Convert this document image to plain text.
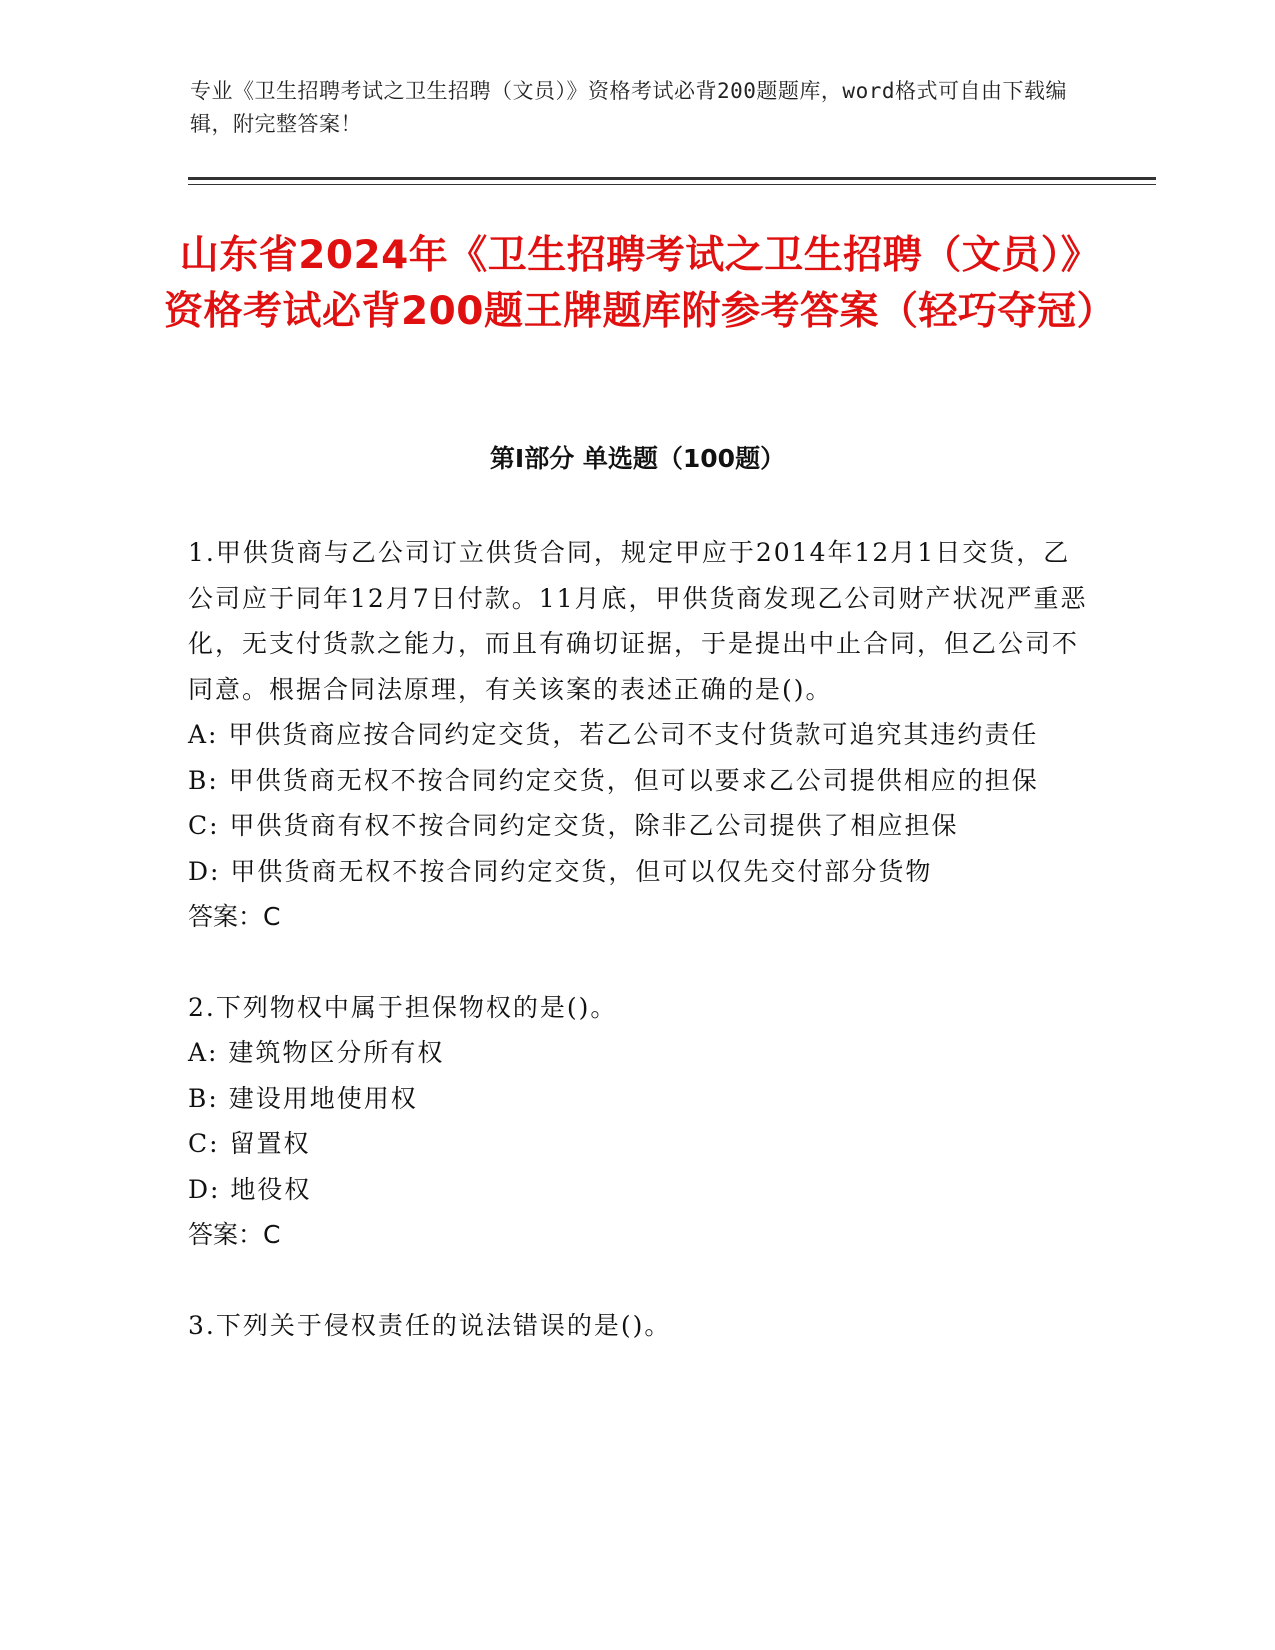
专业《卫生招聘考试之卫生招聘（文员）》资格考试必背200题题库，word格式可自由下载编辑，附完整答案！
山东省2024年《卫生招聘考试之卫生招聘（文员）》资格考试必背200题王牌题库附参考答案（轻巧夺冠）
第Ⅰ部分 单选题（100题）

1.甲供货商与乙公司订立供货合同，规定甲应于2014年12月1日交货，乙公司应于同年12月7日付款。11月底，甲供货商发现乙公司财产状况严重恶化，无支付货款之能力，而且有确切证据，于是提出中止合同，但乙公司不同意。根据合同法原理，有关该案的表述正确的是()。

A: 甲供货商应按合同约定交货，若乙公司不支付货款可追究其违约责任

B: 甲供货商无权不按合同约定交货，但可以要求乙公司提供相应的担保

C: 甲供货商有权不按合同约定交货，除非乙公司提供了相应担保

D: 甲供货商无权不按合同约定交货，但可以仅先交付部分货物

答案：C

2.下列物权中属于担保物权的是()。

A: 建筑物区分所有权

B: 建设用地使用权

C: 留置权

D: 地役权

答案：C

3.下列关于侵权责任的说法错误的是()。
